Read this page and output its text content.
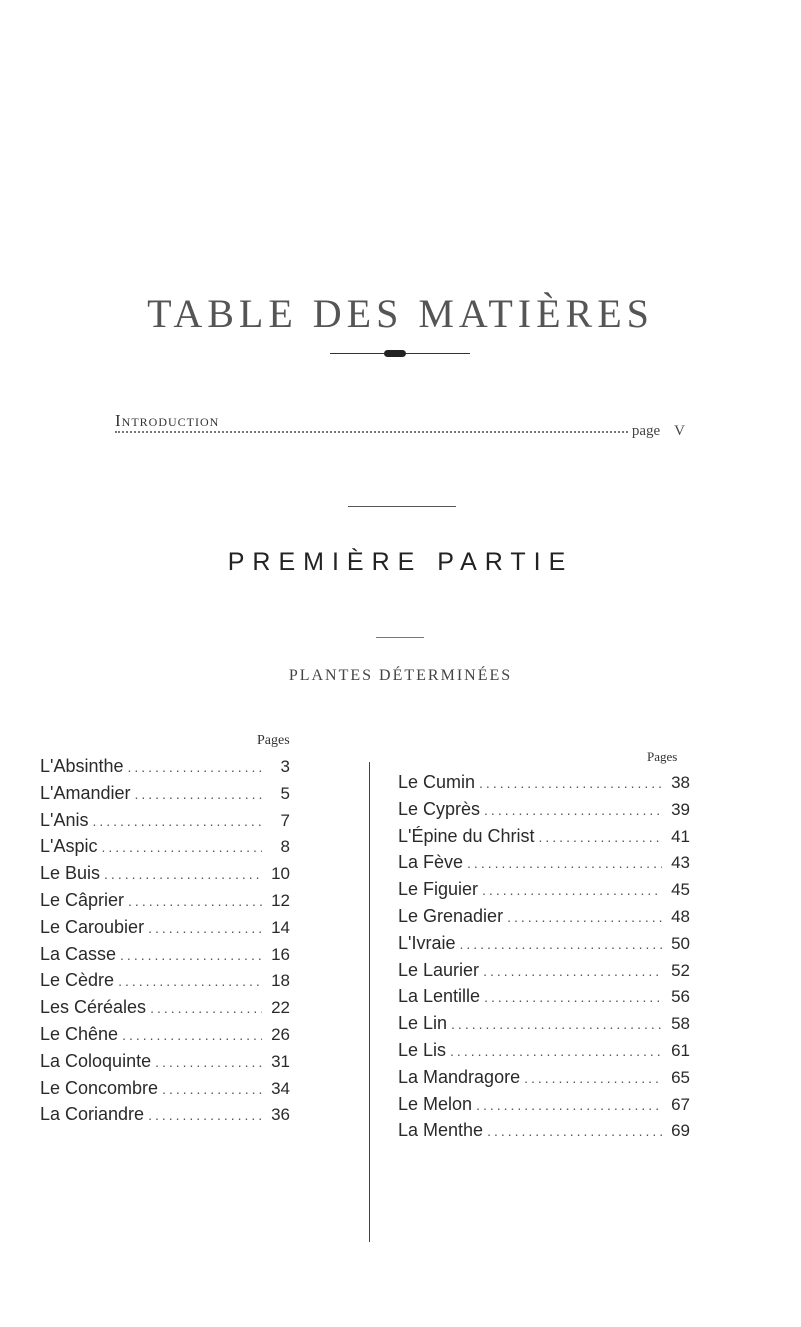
TABLE DES MATIÈRES
Introduction
page V
PREMIÈRE PARTIE
PLANTES DÉTERMINÉES
Pages
Pages
L'Absinthe .....	3
L'Amandier .....	5
L'Anis .....	7
L'Aspic .....	8
Le Buis .....	10
Le Câprier .....	12
Le Caroubier .....	14
La Casse .....	16
Le Cèdre .....	18
Les Céréales .....	22
Le Chêne .....	26
La Coloquinte .....	31
Le Concombre .....	34
La Coriandre .....	36
Le Cumin .....	38
Le Cyprès .....	39
L'Épine du Christ .....	41
La Fève .....	43
Le Figuier .....	45
Le Grenadier .....	48
L'Ivraie .....	50
Le Laurier .....	52
La Lentille .....	56
Le Lin .....	58
Le Lis .....	61
La Mandragore .....	65
Le Melon .....	67
La Menthe .....	69
